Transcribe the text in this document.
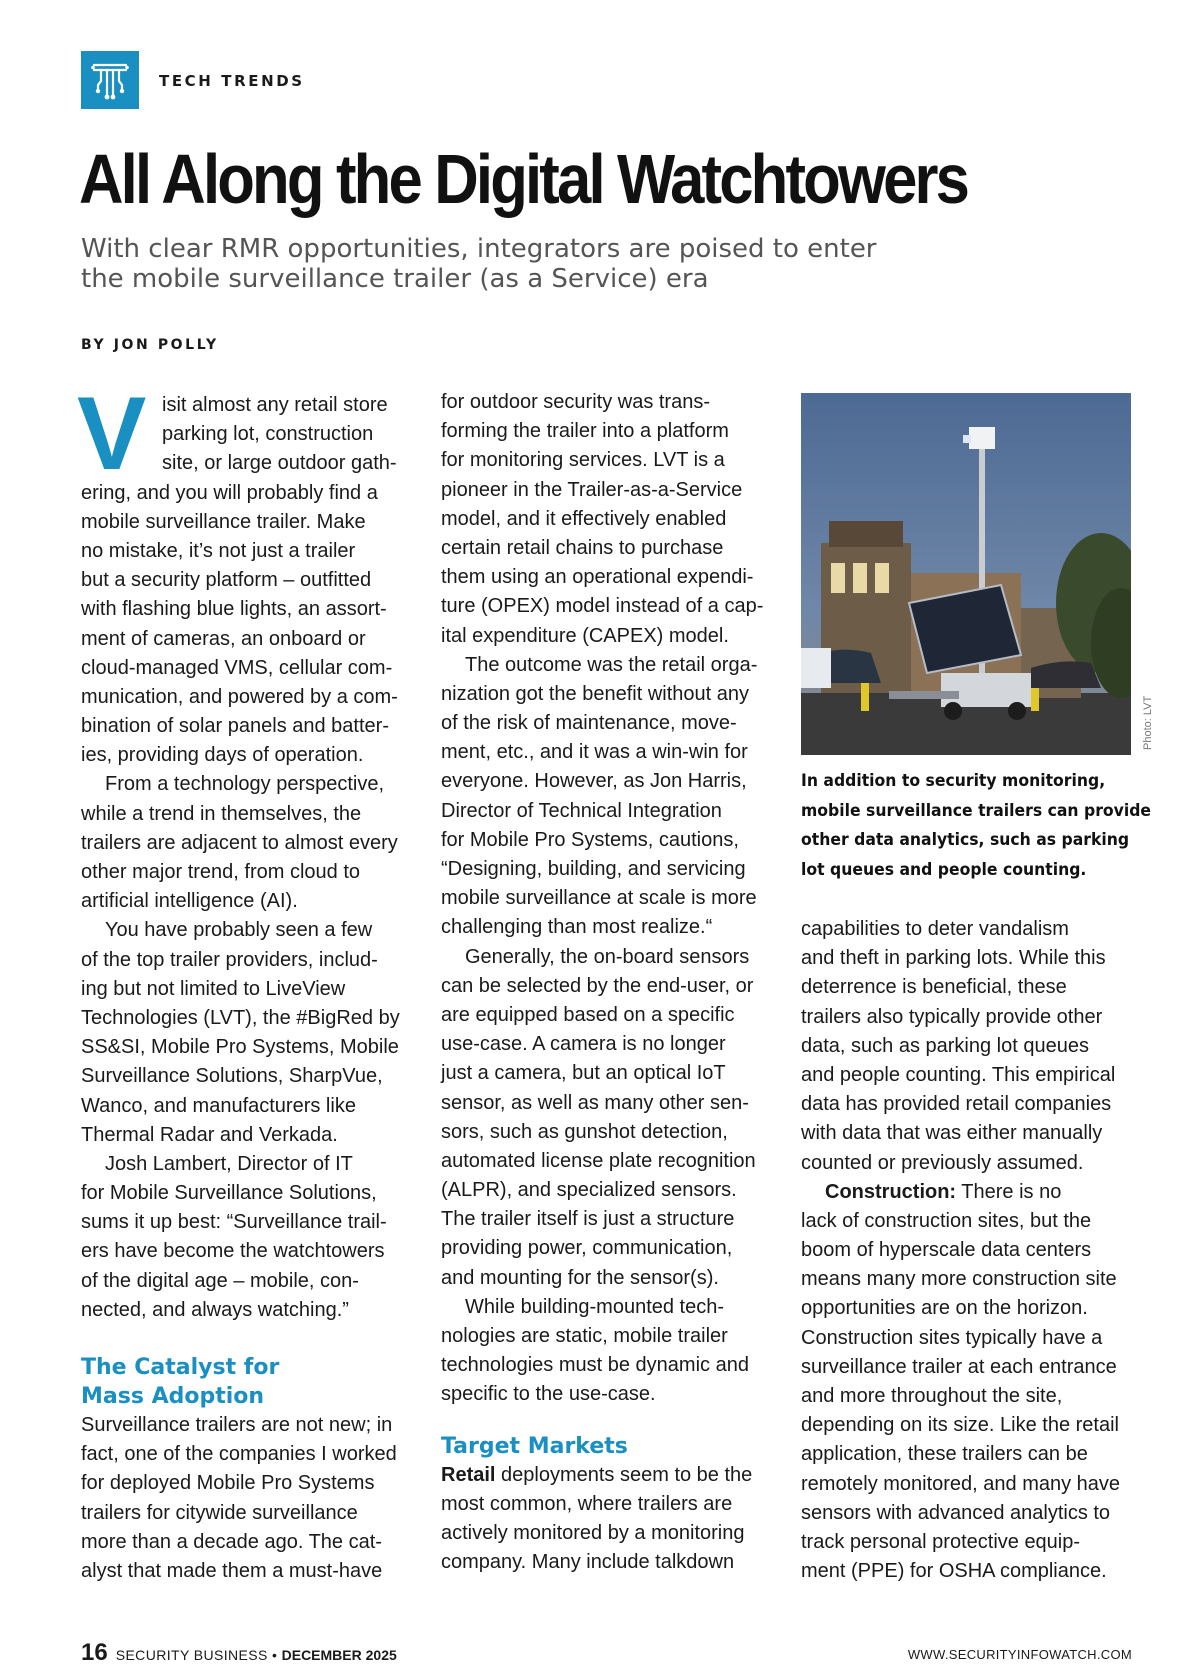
TECH TRENDS
All Along the Digital Watchtowers
With clear RMR opportunities, integrators are poised to enter
the mobile surveillance trailer (as a Service) era
BY JON POLLY
V isit almost any retail store
parking lot, construction
site, or large outdoor gath-
ering, and you will probably find a
mobile surveillance trailer. Make
no mistake, it’s not just a trailer
but a security platform – outfitted
with flashing blue lights, an assort-
ment of cameras, an onboard or
cloud-managed VMS, cellular com-
munication, and powered by a com-
bination of solar panels and batter-
ies, providing days of operation.
From a technology perspective,
while a trend in themselves, the
trailers are adjacent to almost every
other major trend, from cloud to
artificial intelligence (AI).
You have probably seen a few
of the top trailer providers, includ-
ing but not limited to LiveView
Technologies (LVT), the #BigRed by
SS&SI, Mobile Pro Systems, Mobile
Surveillance Solutions, SharpVue,
Wanco, and manufacturers like
Thermal Radar and Verkada.
Josh Lambert, Director of IT
for Mobile Surveillance Solutions,
sums it up best: “Surveillance trail-
ers have become the watchtowers
of the digital age – mobile, con-
nected, and always watching.”
The Catalyst for
Mass Adoption
Surveillance trailers are not new; in
fact, one of the companies I worked
for deployed Mobile Pro Systems
trailers for citywide surveillance
more than a decade ago. The cat-
alyst that made them a must-have
for outdoor security was trans-
forming the trailer into a platform
for monitoring services. LVT is a
pioneer in the Trailer-as-a-Service
model, and it effectively enabled
certain retail chains to purchase
them using an operational expendi-
ture (OPEX) model instead of a cap-
ital expenditure (CAPEX) model.
The outcome was the retail orga-
nization got the benefit without any
of the risk of maintenance, move-
ment, etc., and it was a win-win for
everyone. However, as Jon Harris,
Director of Technical Integration
for Mobile Pro Systems, cautions,
“Designing, building, and servicing
mobile surveillance at scale is more
challenging than most realize.“
Generally, the on-board sensors
can be selected by the end-user, or
are equipped based on a specific
use-case. A camera is no longer
just a camera, but an optical IoT
sensor, as well as many other sen-
sors, such as gunshot detection,
automated license plate recognition
(ALPR), and specialized sensors.
The trailer itself is just a structure
providing power, communication,
and mounting for the sensor(s).
While building-mounted tech-
nologies are static, mobile trailer
technologies must be dynamic and
specific to the use-case.
Target Markets
Retail deployments seem to be the
most common, where trailers are
actively monitored by a monitoring
company. Many include talkdown
Photo: LVT
In addition to security monitoring,
mobile surveillance trailers can provide
other data analytics, such as parking
lot queues and people counting.
capabilities to deter vandalism
and theft in parking lots. While this
deterrence is beneficial, these
trailers also typically provide other
data, such as parking lot queues
and people counting. This empirical
data has provided retail companies
with data that was either manually
counted or previously assumed.
Construction: There is no
lack of construction sites, but the
boom of hyperscale data centers
means many more construction site
opportunities are on the horizon.
Construction sites typically have a
surveillance trailer at each entrance
and more throughout the site,
depending on its size. Like the retail
application, these trailers can be
remotely monitored, and many have
sensors with advanced analytics to
track personal protective equip-
ment (PPE) for OSHA compliance.
16 SECURITY BUSINESS • DECEMBER 2025	WWW.SECURITYINFOWATCH.COM
